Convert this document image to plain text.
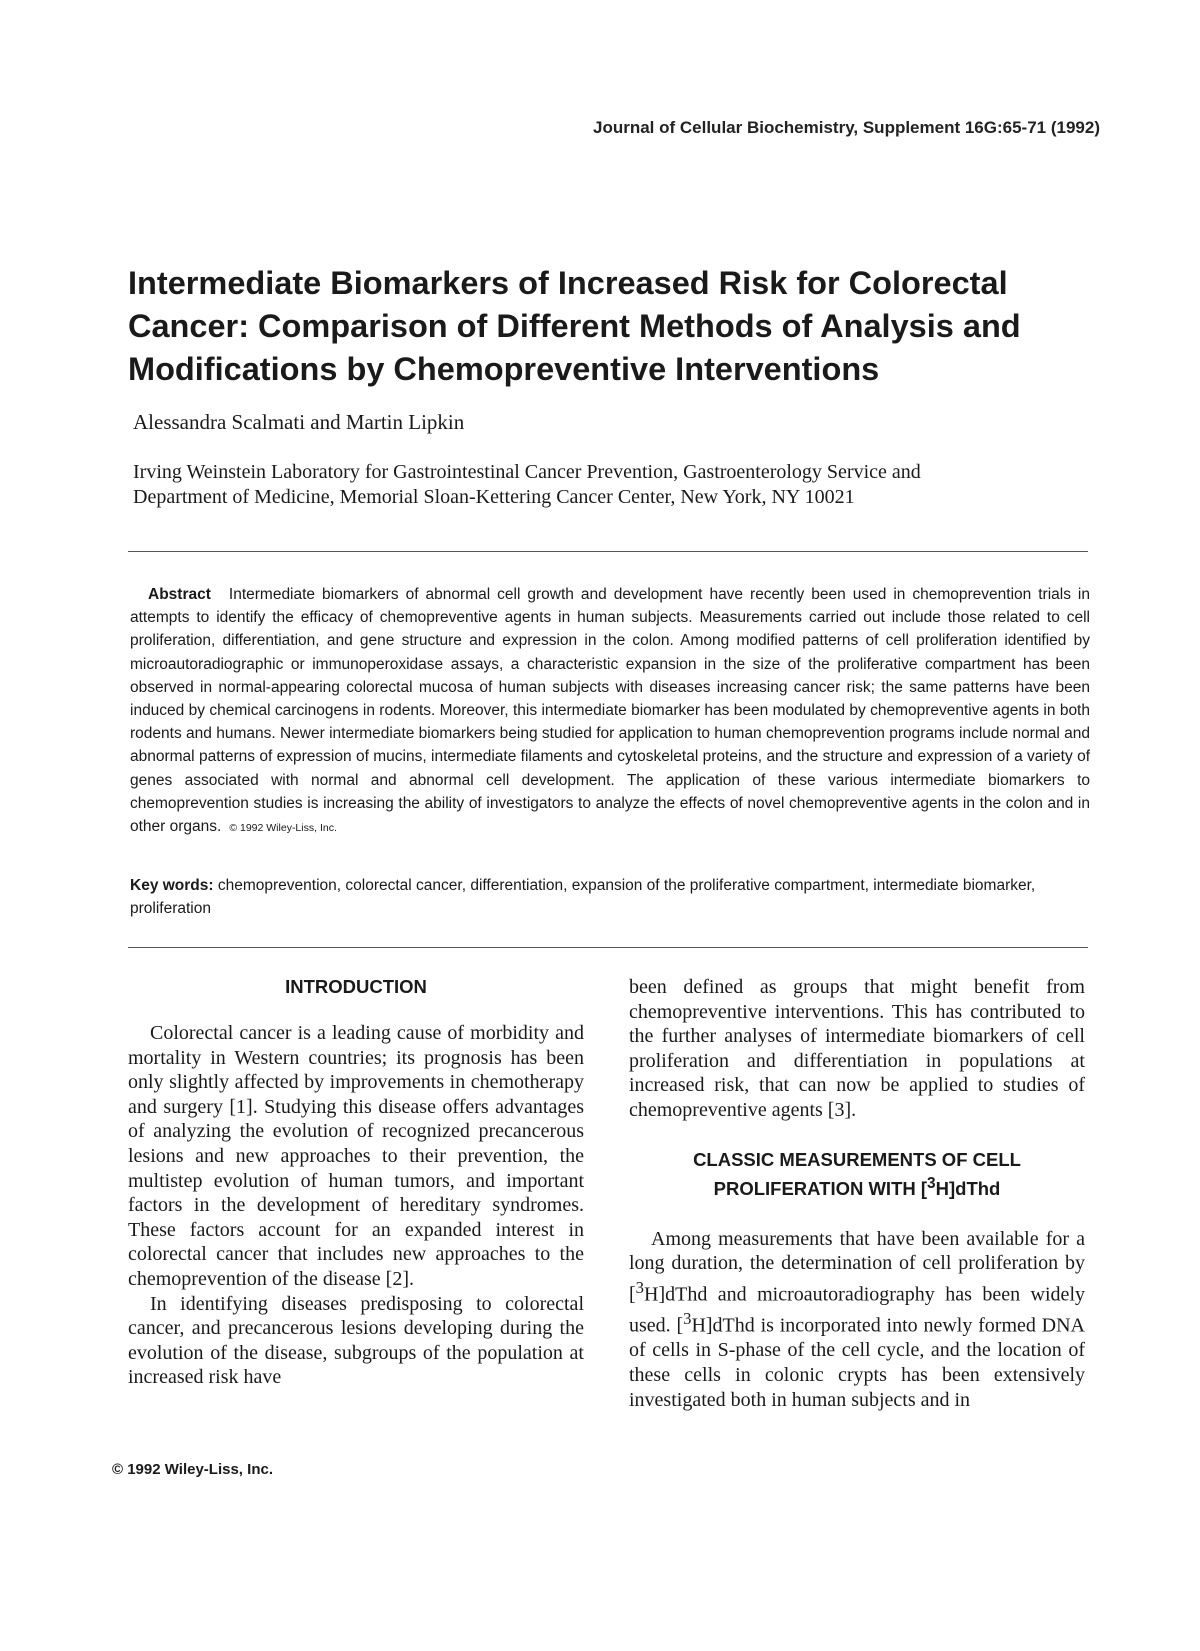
Journal of Cellular Biochemistry, Supplement 16G:65-71 (1992)
Intermediate Biomarkers of Increased Risk for Colorectal Cancer: Comparison of Different Methods of Analysis and Modifications by Chemopreventive Interventions

Alessandra Scalmati and Martin Lipkin

Irving Weinstein Laboratory for Gastrointestinal Cancer Prevention, Gastroenterology Service and Department of Medicine, Memorial Sloan-Kettering Cancer Center, New York, NY 10021

Abstract Intermediate biomarkers of abnormal cell growth and development have recently been used in chemoprevention trials in attempts to identify the efficacy of chemopreventive agents in human subjects. Measurements carried out include those related to cell proliferation, differentiation, and gene structure and expression in the colon. Among modified patterns of cell proliferation identified by microautoradiographic or immunoperoxidase assays, a characteristic expansion in the size of the proliferative compartment has been observed in normal-appearing colorectal mucosa of human subjects with diseases increasing cancer risk; the same patterns have been induced by chemical carcinogens in rodents. Moreover, this intermediate biomarker has been modulated by chemopreventive agents in both rodents and humans. Newer intermediate biomarkers being studied for application to human chemoprevention programs include normal and abnormal patterns of expression of mucins, intermediate filaments and cytoskeletal proteins, and the structure and expression of a variety of genes associated with normal and abnormal cell development. The application of these various intermediate biomarkers to chemoprevention studies is increasing the ability of investigators to analyze the effects of novel chemopreventive agents in the colon and in other organs. © 1992 Wiley-Liss, Inc.

Key words: chemoprevention, colorectal cancer, differentiation, expansion of the proliferative compartment, intermediate biomarker, proliferation

INTRODUCTION

Colorectal cancer is a leading cause of morbidity and mortality in Western countries; its prognosis has been only slightly affected by improvements in chemotherapy and surgery [1]. Studying this disease offers advantages of analyzing the evolution of recognized precancerous lesions and new approaches to their prevention, the multistep evolution of human tumors, and important factors in the development of hereditary syndromes. These factors account for an expanded interest in colorectal cancer that includes new approaches to the chemoprevention of the disease [2].

In identifying diseases predisposing to colorectal cancer, and precancerous lesions developing during the evolution of the disease, subgroups of the population at increased risk have

been defined as groups that might benefit from chemopreventive interventions. This has contributed to the further analyses of intermediate biomarkers of cell proliferation and differentiation in populations at increased risk, that can now be applied to studies of chemopreventive agents [3].

CLASSIC MEASUREMENTS OF CELL
PROLIFERATION WITH [$^3$H]dThd

Among measurements that have been available for a long duration, the determination of cell proliferation by [$^3$H]dThd and microautoradiography has been widely used. [$^3$H]dThd is incorporated into newly formed DNA of cells in S-phase of the cell cycle, and the location of these cells in colonic crypts has been extensively investigated both in human subjects and in

© 1992 Wiley-Liss, Inc.
